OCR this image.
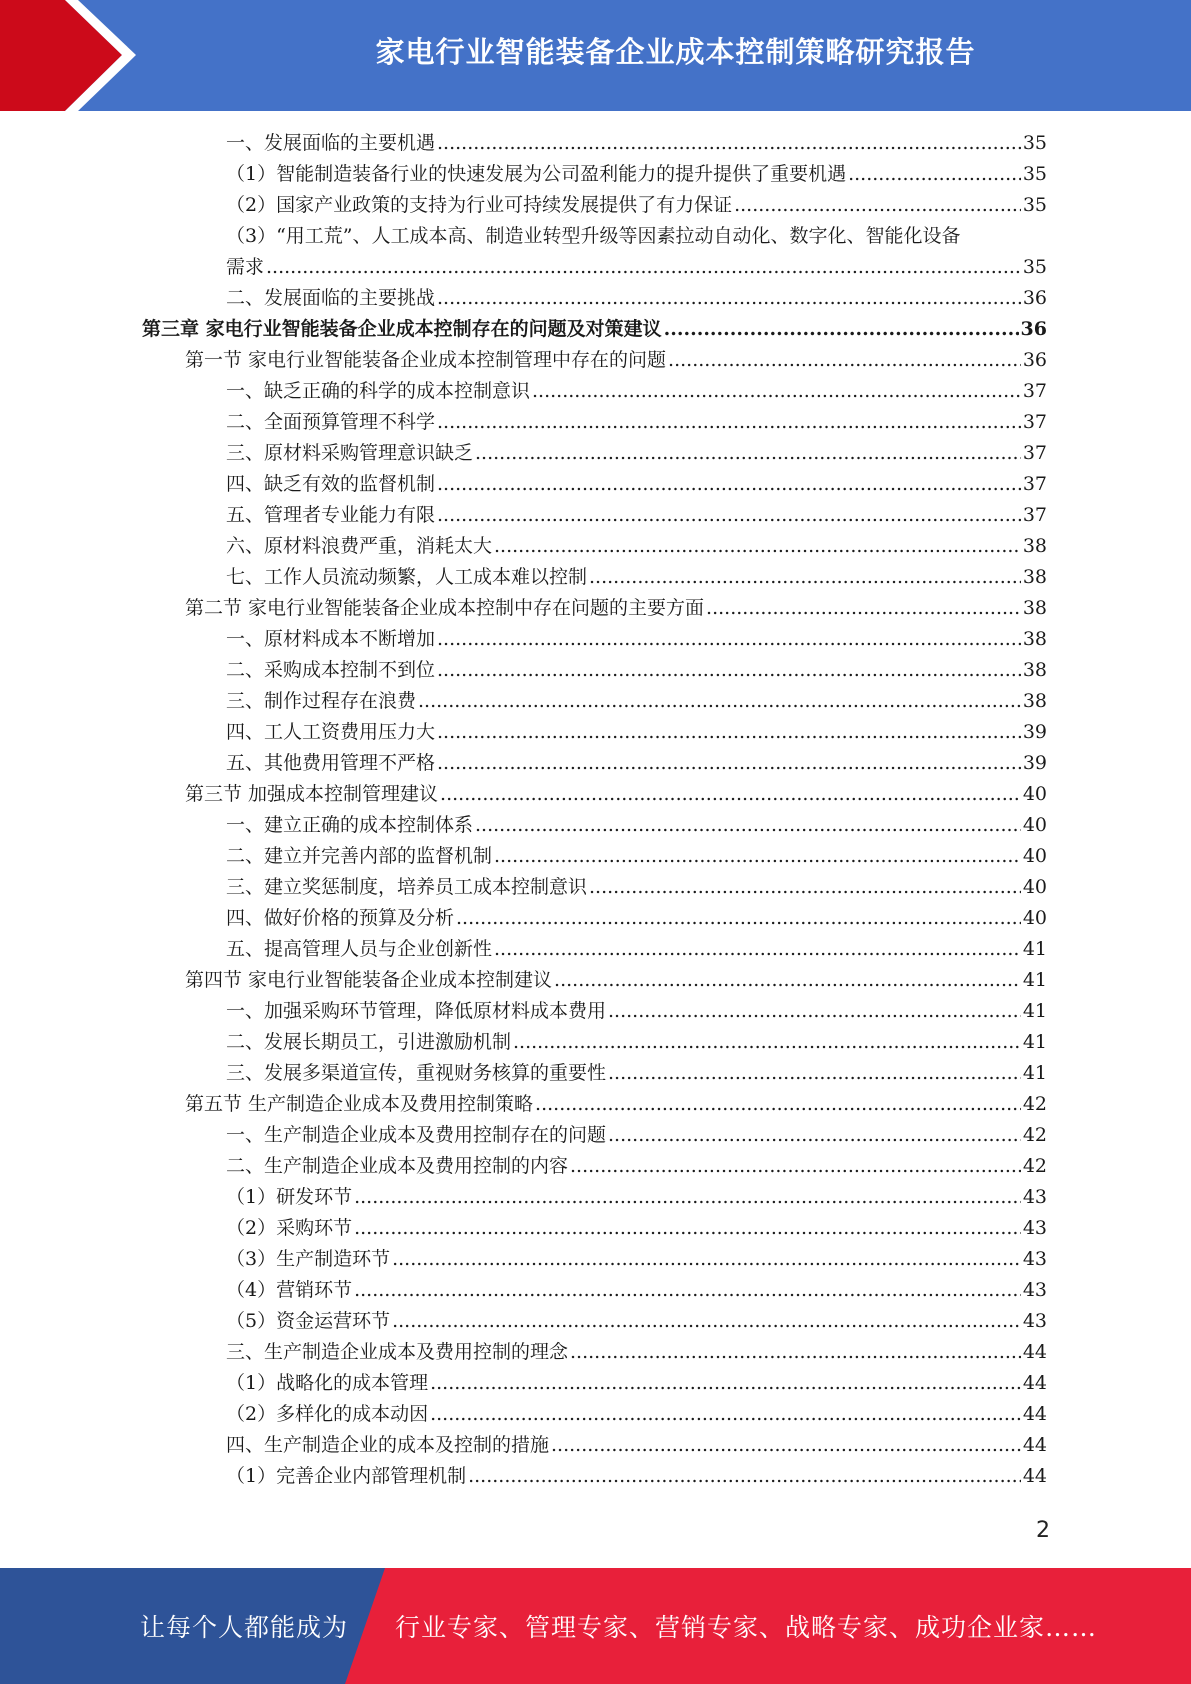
家电行业智能装备企业成本控制策略研究报告
一、发展面临的主要机遇 .....	35
（1）智能制造装备行业的快速发展为公司盈利能力的提升提供了重要机遇 .....	35
（2）国家产业政策的支持为行业可持续发展提供了有力保证 .....	35
（3）“用工荒”、人工成本高、制造业转型升级等因素拉动自动化、数字化、智能化设备
需求 .....	35
二、发展面临的主要挑战 .....	36
第三章 家电行业智能装备企业成本控制存在的问题及对策建议 .....	36
第一节 家电行业智能装备企业成本控制管理中存在的问题 .....	36
一、缺乏正确的科学的成本控制意识 .....	37
二、全面预算管理不科学 .....	37
三、原材料采购管理意识缺乏 .....	37
四、缺乏有效的监督机制 .....	37
五、管理者专业能力有限 .....	37
六、原材料浪费严重，消耗太大 .....	38
七、工作人员流动频繁，人工成本难以控制 .....	38
第二节 家电行业智能装备企业成本控制中存在问题的主要方面 .....	38
一、原材料成本不断增加 .....	38
二、采购成本控制不到位 .....	38
三、制作过程存在浪费 .....	38
四、工人工资费用压力大 .....	39
五、其他费用管理不严格 .....	39
第三节 加强成本控制管理建议 .....	40
一、建立正确的成本控制体系 .....	40
二、建立并完善内部的监督机制 .....	40
三、建立奖惩制度，培养员工成本控制意识 .....	40
四、做好价格的预算及分析 .....	40
五、提高管理人员与企业创新性 .....	41
第四节 家电行业智能装备企业成本控制建议 .....	41
一、加强采购环节管理，降低原材料成本费用 .....	41
二、发展长期员工，引进激励机制 .....	41
三、发展多渠道宣传，重视财务核算的重要性 .....	41
第五节 生产制造企业成本及费用控制策略 .....	42
一、生产制造企业成本及费用控制存在的问题 .....	42
二、生产制造企业成本及费用控制的内容 .....	42
（1）研发环节 .....	43
（2）采购环节 .....	43
（3）生产制造环节 .....	43
（4）营销环节 .....	43
（5）资金运营环节 .....	43
三、生产制造企业成本及费用控制的理念 .....	44
（1）战略化的成本管理 .....	44
（2）多样化的成本动因 .....	44
四、生产制造企业的成本及控制的措施 .....	44
（1）完善企业内部管理机制 .....	44
2
让每个人都能成为	行业专家、管理专家、营销专家、战略专家、成功企业家……
